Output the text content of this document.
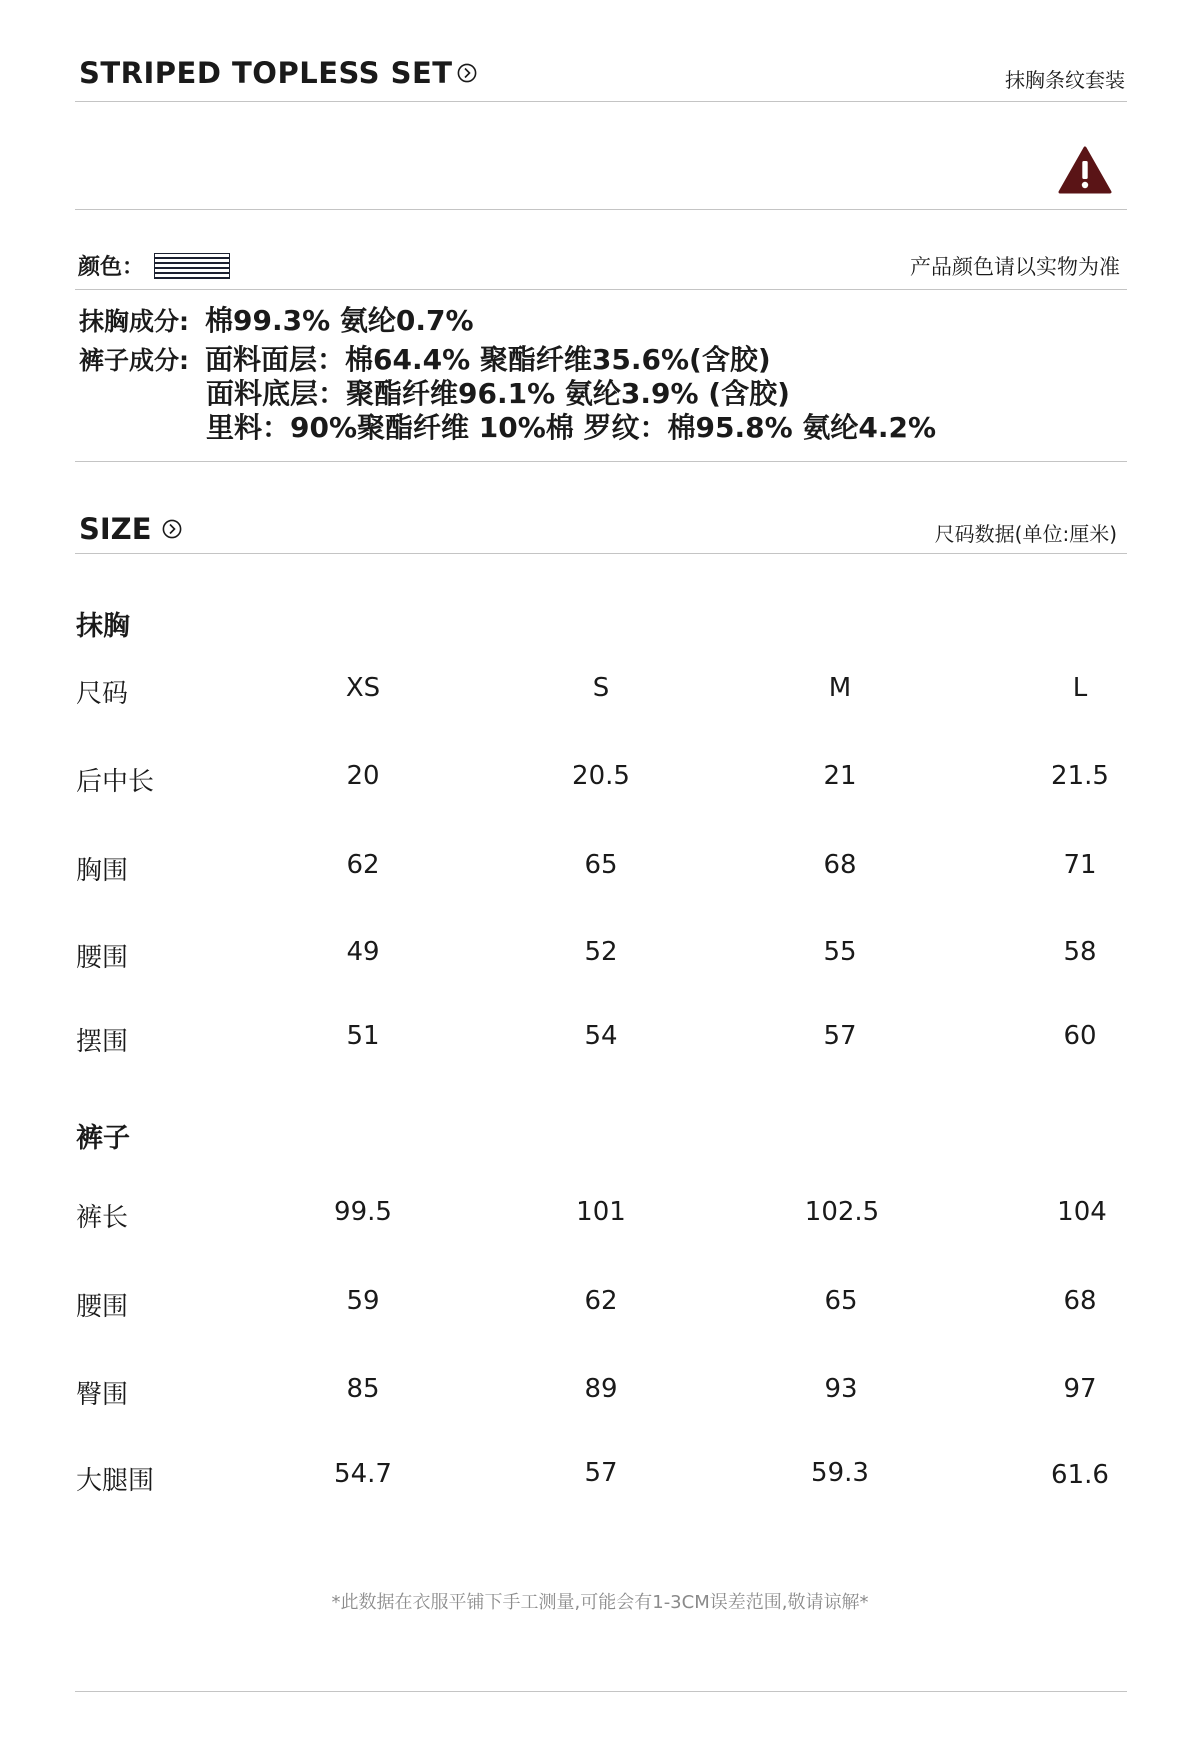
STRIPED TOPLESS SET	抹胸条纹套装
颜色：	产品颜色请以实物为准
抹胸成分: 棉99.3% 氨纶0.7%
裤子成分: 面料面层：棉64.4% 聚酯纤维35.6%(含胶)
面料底层：聚酯纤维96.1% 氨纶3.9% (含胶)
里料：90%聚酯纤维 10%棉 罗纹：棉95.8% 氨纶4.2%
SIZE	尺码数据(单位:厘米)
抹胸
尺码	XS	S	M	L
后中长	20	20.5	21	21.5
胸围	62	65	68	71
腰围	49	52	55	58
摆围	51	54	57	60
裤子
裤长	99.5	101	102.5	104
腰围	59	62	65	68
臀围	85	89	93	97
大腿围	54.7	57	59.3	61.6
*此数据在衣服平铺下手工测量,可能会有1-3CM误差范围,敬请谅解*
